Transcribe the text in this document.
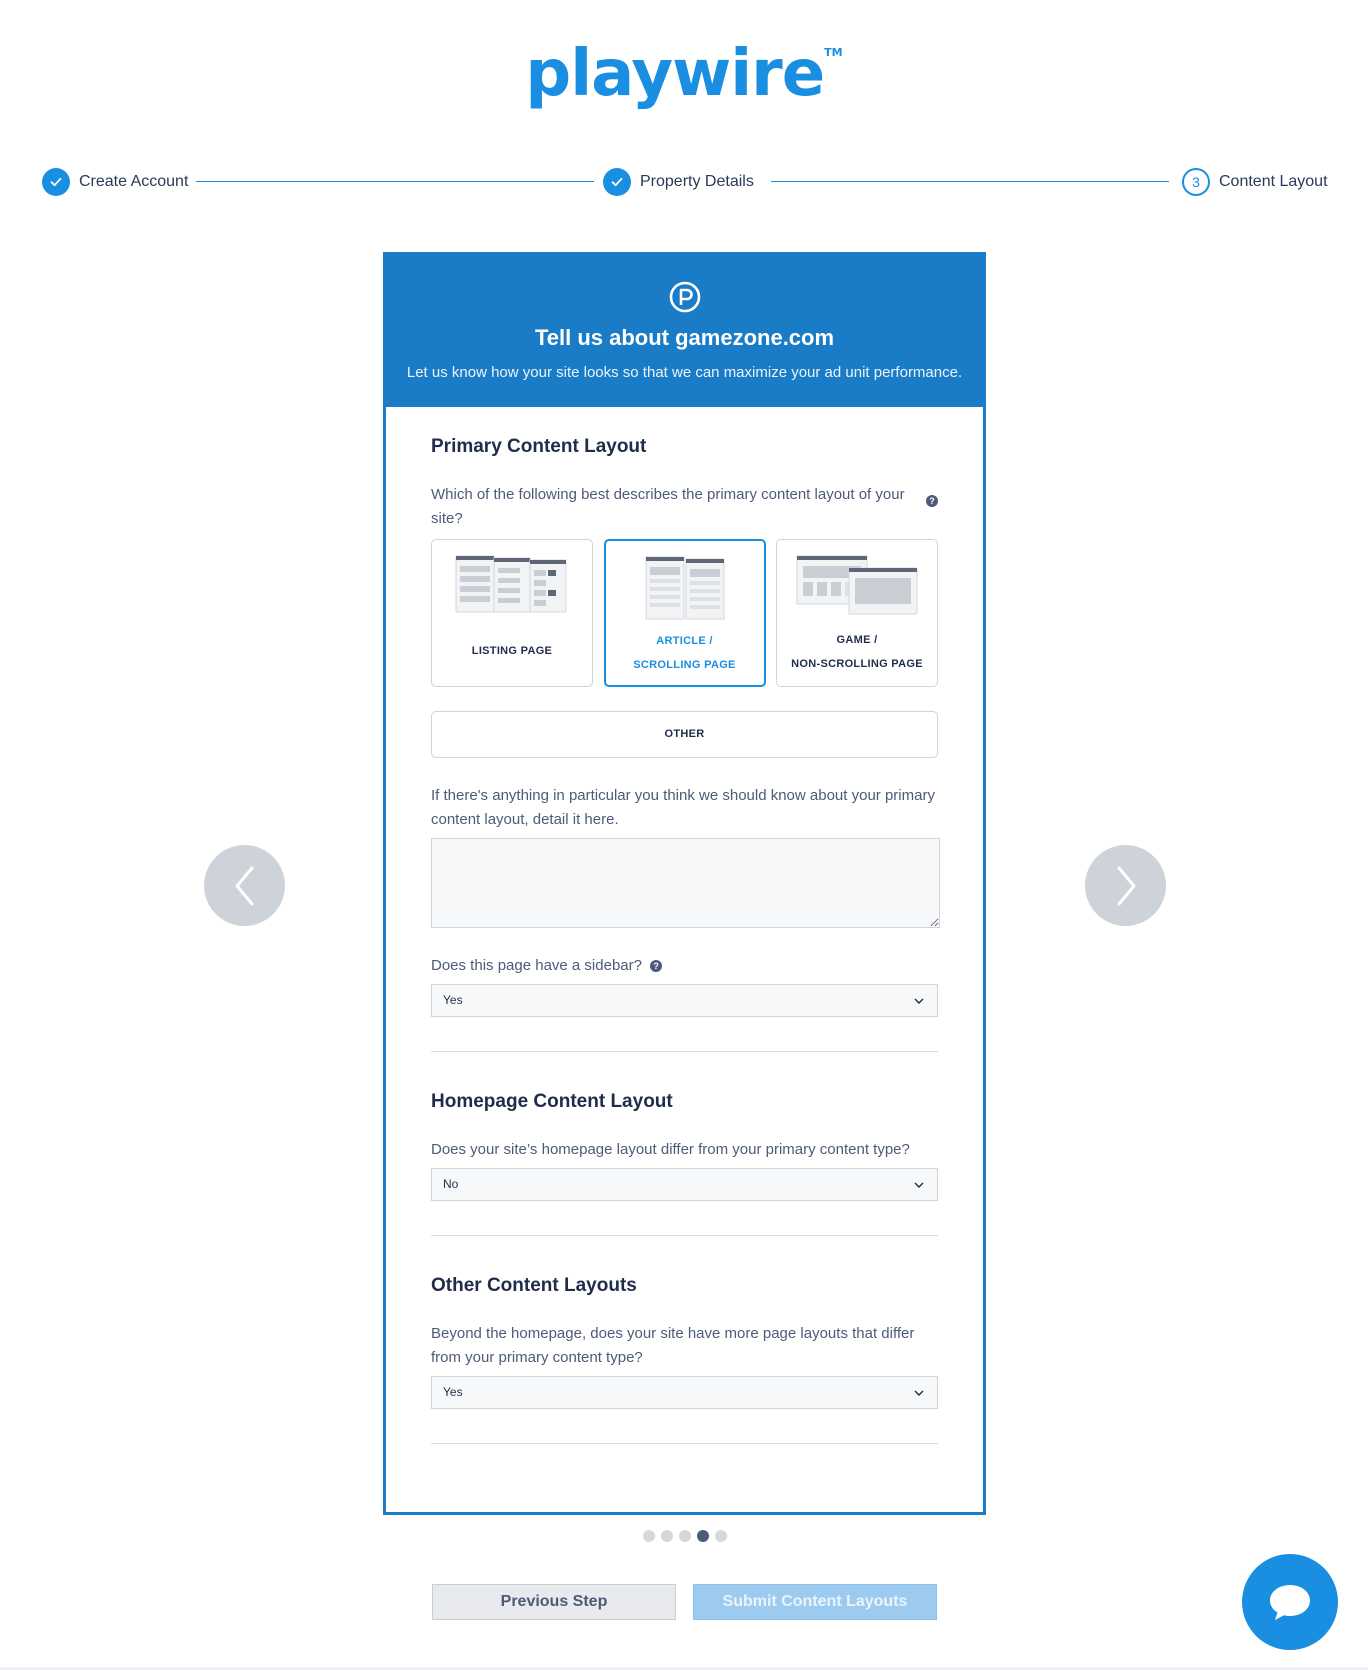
playwire™
Create Account	Property Details	3	Content Layout
Tell us about gamezone.com
Let us know how your site looks so that we can maximize your ad unit performance.
Primary Content Layout
Which of the following best describes the primary content layout of your site?
?
LISTING PAGE
ARTICLE /
SCROLLING PAGE
GAME /
NON-SCROLLING PAGE
OTHER
If there's anything in particular you think we should know about your primary content layout, detail it here.
Does this page have a sidebar? ?
Yes
Homepage Content Layout
Does your site’s homepage layout differ from your primary content type?
No
Other Content Layouts
Beyond the homepage, does your site have more page layouts that differ from your primary content type?
Yes
Previous Step	Submit Content Layouts
